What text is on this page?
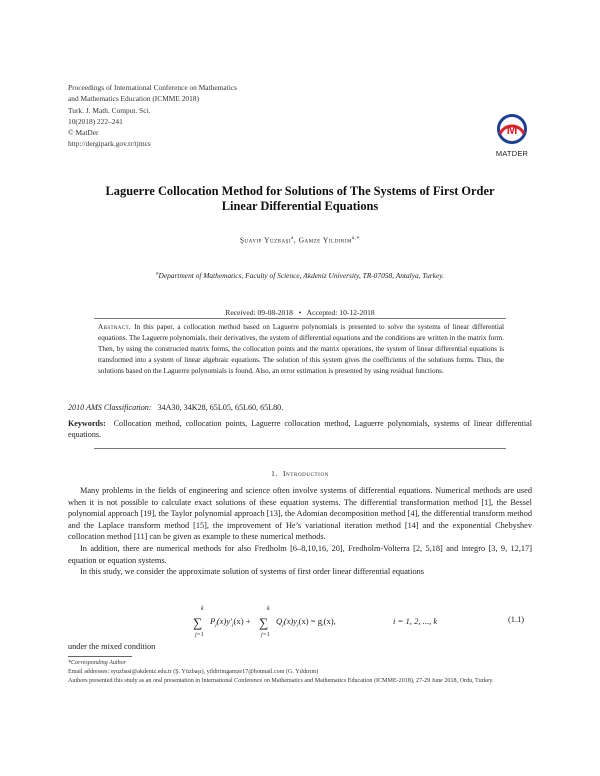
Proceedings of International Conference on Mathematics
and Mathematics Education (ICMME 2018)
Turk. J. Math. Comput. Sci.
10(2018) 222–241
© MatDer
http://dergipark.gov.tr/tjmcs
M
MATDER
Laguerre Collocation Method for Solutions of The Systems of First Order
Linear Differential Equations
Şuayip Yüzbaşı$^a$, Gamze Yıldırım$^{a,∗}$
$^a$Department of Mathematics, Faculty of Science, Akdeniz University, TR-07058, Antalya, Turkey.
Received: 09-08-2018 • Accepted: 10-12-2018
Abstract. In this paper, a collocation method based on Laguerre polynomials is presented to solve the systems of linear differential equations. The Laguerre polynomials, their derivatives, the system of differential equations and the conditions are written in the matrix form. Then, by using the constructed matrix forms, the collocation points and the matrix operations, the system of linear differential equations is transformed into a system of linear algebraic equations. The solution of this system gives the coefficients of the solutions forms. Thus, the solutions based on the Laguerre polynomials is found. Also, an error estimation is presented by using residual functions.
2010 AMS Classification: 34A30, 34K28, 65L05, 65L60, 65L80.
Keywords: Collocation method, collocation points, Laguerre collocation method, Laguerre polynomials, systems of linear differential equations.
1. Introduction

Many problems in the fields of engineering and science often involve systems of differential equations. Numerical methods are used when it is not possible to calculate exact solutions of these equation systems. The differential transformation method [1], the Bessel polynomial approach [19], the Taylor polynomial approach [13], the Adomian decomposition method [4], the differential transform method and the Laplace transform method [15], the improvement of He’s variational iteration method [14] and the exponential Chebyshev collocation method [11] can be given as example to these numerical methods.

In addition, there are numerical methods for also Fredholm [6–8,10,16, 20], Fredholm-Volterra [2, 5,18] and integro [3, 9, 12,17] equation or equation systems.

In this study, we consider the approximate solution of systems of first order linear differential equations

k
∑
j=1
$P_j(x)y'_j(x)$ +
k
∑
j=1
$Q_j(x)y_j(x) = g_i(x)$,	i = 1, 2, ..., k	(1.1)
under the mixed condition
*Corresponding Author
Email addresses: syuzbasi@akdeniz.edu.tr (Ş. Yüzbaşı), yildirimgamze17@hotmail.com (G. Yıldırım)
Authors presented this study as an oral presentation in International Conference on Mathematics and Mathematics Education (ICMME-2018), 27-29 June 2018, Ordu, Turkey.
